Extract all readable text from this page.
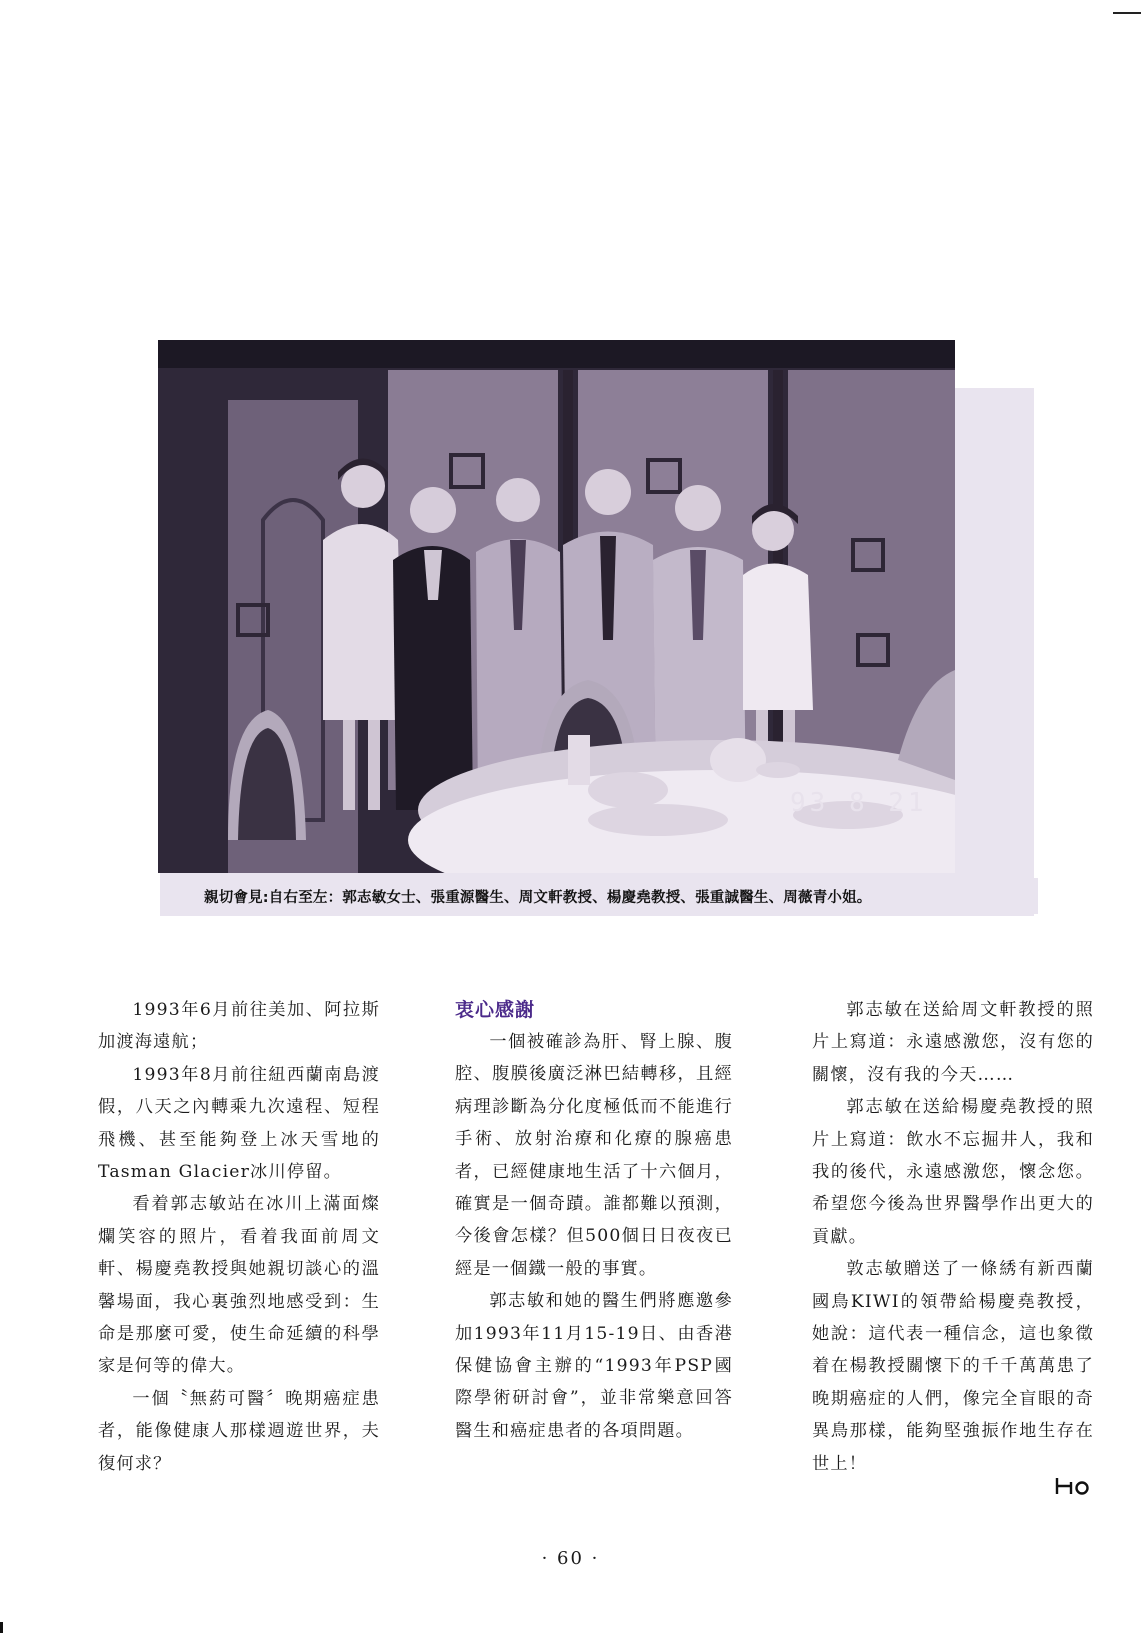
93 8 21
親切會見:自右至左：郭志敏女士、張重源醫生、周文軒教授、楊慶堯教授、張重誠醫生、周薇青小姐。

1993年6月前往美加、阿拉斯加渡海遠航；

1993年8月前往紐西蘭南島渡假，八天之內轉乘九次遠程、短程飛機、甚至能夠登上冰天雪地的Tasman Glacier冰川停留。

看着郭志敏站在冰川上滿面燦爛笑容的照片，看着我面前周文軒、楊慶堯教授與她親切談心的溫馨場面，我心裏強烈地感受到：生命是那麼可愛，使生命延續的科學家是何等的偉大。

一個〝無葯可醫〞晚期癌症患者，能像健康人那樣週遊世界，夫復何求？

衷心感謝

一個被確診為肝、腎上腺、腹腔、腹膜後廣泛淋巴結轉移，且經病理診斷為分化度極低而不能進行手術、放射治療和化療的腺癌患者，已經健康地生活了十六個月，確實是一個奇蹟。誰都難以預測，今後會怎樣？但500個日日夜夜已經是一個鐵一般的事實。

郭志敏和她的醫生們將應邀參加1993年11月15-19日、由香港保健協會主辦的“1993年PSP國際學術研討會”，並非常樂意回答醫生和癌症患者的各項問題。

郭志敏在送給周文軒教授的照片上寫道：永遠感激您，沒有您的關懷，沒有我的今天……

郭志敏在送給楊慶堯教授的照片上寫道：飲水不忘掘井人，我和我的後代，永遠感激您，懷念您。希望您今後為世界醫學作出更大的貢獻。

敦志敏贈送了一條綉有新西蘭國鳥KIWI的領帶給楊慶堯教授，她說：這代表一種信念，這也象徵着在楊教授關懷下的千千萬萬患了晚期癌症的人們，像完全盲眼的奇異鳥那樣，能夠堅強振作地生存在世上！

· 60 ·
